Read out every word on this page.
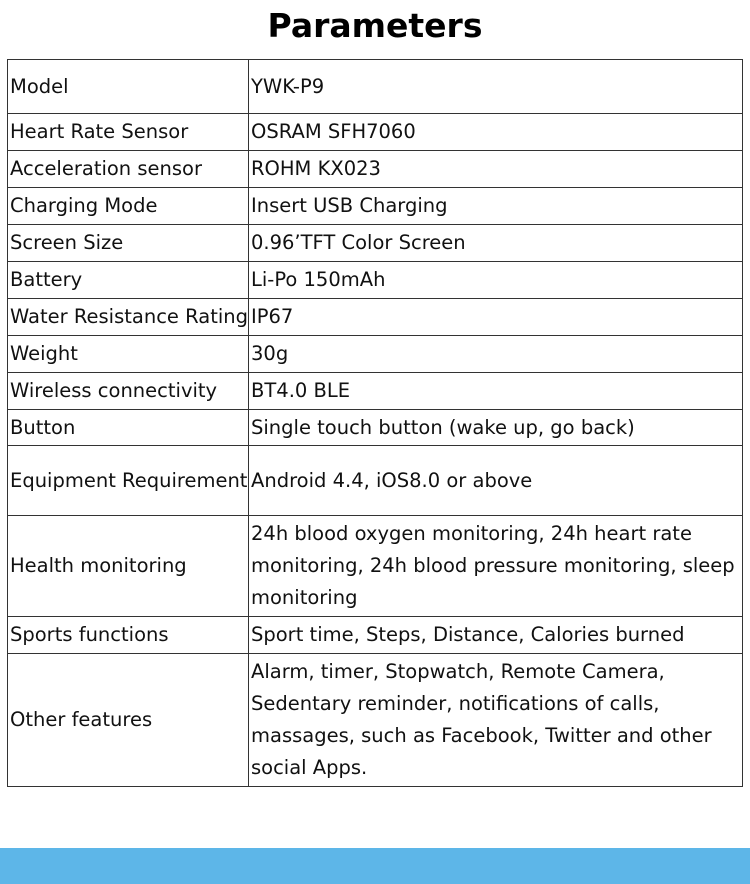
Parameters
Model	YWK-P9
Heart Rate Sensor	OSRAM SFH7060
Acceleration sensor	ROHM KX023
Charging Mode	Insert USB Charging
Screen Size	0.96’TFT Color Screen
Battery	Li-Po 150mAh
Water Resistance Rating	IP67
Weight	30g
Wireless connectivity	BT4.0 BLE
Button	Single touch button (wake up, go back)
Equipment Requirement	Android 4.4, iOS8.0 or above
Health monitoring	24h blood oxygen monitoring, 24h heart rate monitoring, 24h blood pressure monitoring, sleep monitoring
Sports functions	Sport time, Steps, Distance, Calories burned
Other features	Alarm, timer, Stopwatch, Remote Camera, Sedentary reminder, notifications of calls, massages, such as Facebook, Twitter and other social Apps.
